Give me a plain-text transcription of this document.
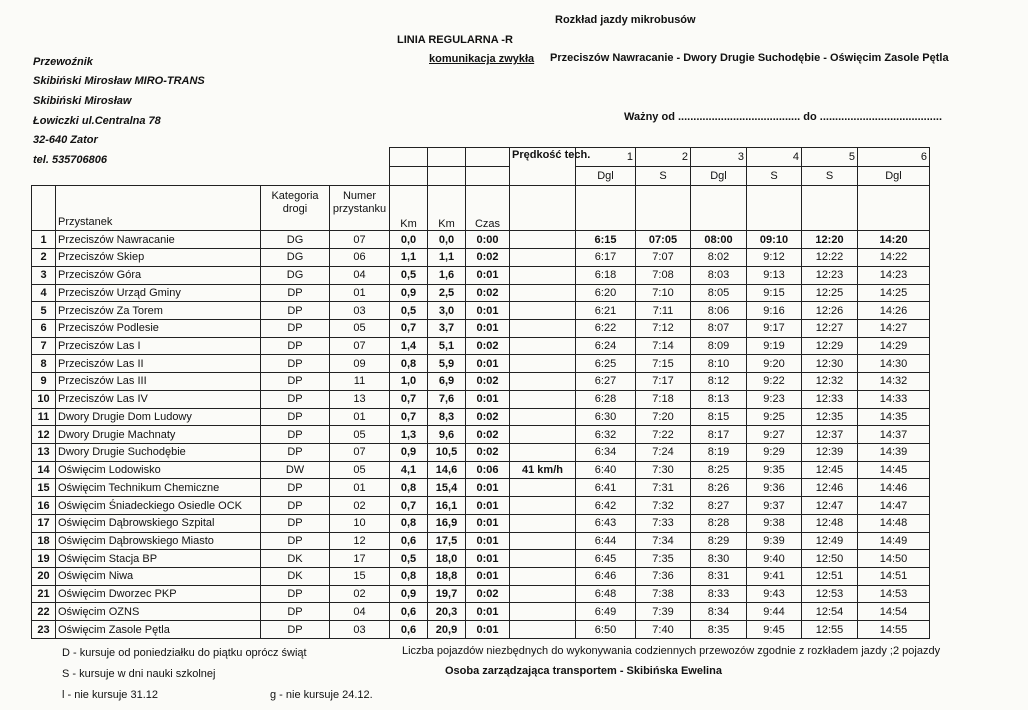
Rozkład jazdy mikrobusów
LINIA REGULARNA -R
komunikacja zwykła Przeciszów Nawracanie - Dwory Drugie Suchodębie - Oświęcim Zasole Pętla
Ważny od ........................................ do ........................................
Przewoźnik
Skibiński Mirosław MIRO-TRANS
Skibiński Mirosław
Łowiczki ul.Centralna 78
32-640 Zator
tel. 535706806
							Prędkość tech.	1	2	3	4	5	6
								Dgl	S	Dgl	S	S	Dgl
	Przystanek	Kategoria drogi	Numer przystanku	Km	Km	Czas							
1	Przeciszów Nawracanie	DG	07	0,0	0,0	0:00		6:15	07:05	08:00	09:10	12:20	14:20
2	Przeciszów Skiep	DG	06	1,1	1,1	0:02		6:17	7:07	8:02	9:12	12:22	14:22
3	Przeciszów Góra	DG	04	0,5	1,6	0:01		6:18	7:08	8:03	9:13	12:23	14:23
4	Przeciszów Urząd Gminy	DP	01	0,9	2,5	0:02		6:20	7:10	8:05	9:15	12:25	14:25
5	Przeciszów Za Torem	DP	03	0,5	3,0	0:01		6:21	7:11	8:06	9:16	12:26	14:26
6	Przeciszów Podlesie	DP	05	0,7	3,7	0:01		6:22	7:12	8:07	9:17	12:27	14:27
7	Przeciszów Las I	DP	07	1,4	5,1	0:02		6:24	7:14	8:09	9:19	12:29	14:29
8	Przeciszów Las II	DP	09	0,8	5,9	0:01		6:25	7:15	8:10	9:20	12:30	14:30
9	Przeciszów Las III	DP	11	1,0	6,9	0:02		6:27	7:17	8:12	9:22	12:32	14:32
10	Przeciszów Las IV	DP	13	0,7	7,6	0:01		6:28	7:18	8:13	9:23	12:33	14:33
11	Dwory Drugie Dom Ludowy	DP	01	0,7	8,3	0:02		6:30	7:20	8:15	9:25	12:35	14:35
12	Dwory Drugie Machnaty	DP	05	1,3	9,6	0:02		6:32	7:22	8:17	9:27	12:37	14:37
13	Dwory Drugie Suchodębie	DP	07	0,9	10,5	0:02		6:34	7:24	8:19	9:29	12:39	14:39
14	Oświęcim Lodowisko	DW	05	4,1	14,6	0:06	41 km/h	6:40	7:30	8:25	9:35	12:45	14:45
15	Oświęcim Technikum Chemiczne	DP	01	0,8	15,4	0:01		6:41	7:31	8:26	9:36	12:46	14:46
16	Oświęcim Śniadeckiego Osiedle OCK	DP	02	0,7	16,1	0:01		6:42	7:32	8:27	9:37	12:47	14:47
17	Oświęcim Dąbrowskiego Szpital	DP	10	0,8	16,9	0:01		6:43	7:33	8:28	9:38	12:48	14:48
18	Oświęcim Dąbrowskiego Miasto	DP	12	0,6	17,5	0:01		6:44	7:34	8:29	9:39	12:49	14:49
19	Oświęcim Stacja BP	DK	17	0,5	18,0	0:01		6:45	7:35	8:30	9:40	12:50	14:50
20	Oświęcim Niwa	DK	15	0,8	18,8	0:01		6:46	7:36	8:31	9:41	12:51	14:51
21	Oświęcim Dworzec PKP	DP	02	0,9	19,7	0:02		6:48	7:38	8:33	9:43	12:53	14:53
22	Oświęcim OZNS	DP	04	0,6	20,3	0:01		6:49	7:39	8:34	9:44	12:54	14:54
23	Oświęcim Zasole Pętla	DP	03	0,6	20,9	0:01		6:50	7:40	8:35	9:45	12:55	14:55
D - kursuje od poniedziałku do piątku oprócz świąt
S - kursuje w dni nauki szkolnej
l - nie kursuje 31.12	g - nie kursuje 24.12.
Liczba pojazdów niezbędnych do wykonywania codziennych przewozów zgodnie z rozkładem jazdy ;2 pojazdy
Osoba zarządzająca transportem - Skibińska Ewelina
